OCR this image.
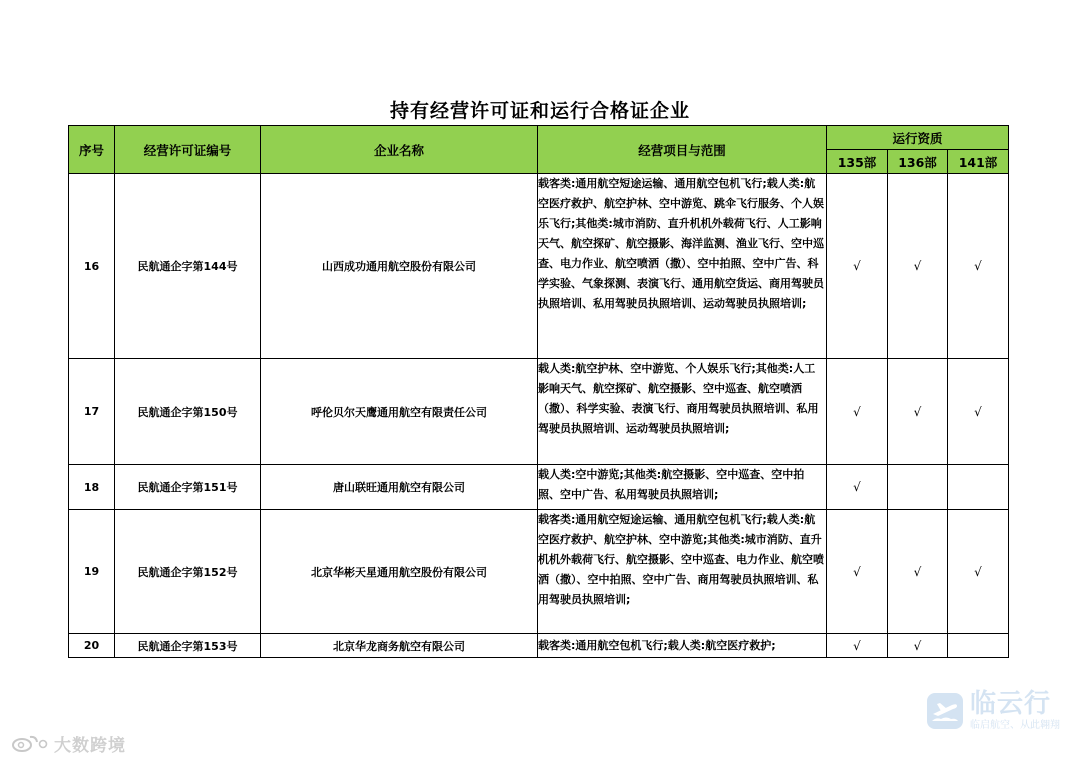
持有经营许可证和运行合格证企业
序号	经营许可证编号	企业名称	经营项目与范围	运行资质		
				135部	136部	141部
16	民航通企字第144号	山西成功通用航空股份有限公司	载客类:通用航空短途运输、通用航空包机飞行;载人类:航空医疗救护、航空护林、空中游览、跳伞飞行服务、个人娱乐飞行;其他类:城市消防、直升机机外载荷飞行、人工影响天气、航空探矿、航空摄影、海洋监测、渔业飞行、空中巡查、电力作业、航空喷洒（撒）、空中拍照、空中广告、科学实验、气象探测、表演飞行、通用航空货运、商用驾驶员执照培训、私用驾驶员执照培训、运动驾驶员执照培训;	√	√	√
17	民航通企字第150号	呼伦贝尔天鹰通用航空有限责任公司	载人类:航空护林、空中游览、个人娱乐飞行;其他类:人工影响天气、航空探矿、航空摄影、空中巡查、航空喷洒（撒）、科学实验、表演飞行、商用驾驶员执照培训、私用驾驶员执照培训、运动驾驶员执照培训;	√	√	√
18	民航通企字第151号	唐山联旺通用航空有限公司	载人类:空中游览;其他类:航空摄影、空中巡查、空中拍照、空中广告、私用驾驶员执照培训;	√		
19	民航通企字第152号	北京华彬天星通用航空股份有限公司	载客类:通用航空短途运输、通用航空包机飞行;载人类:航空医疗救护、航空护林、空中游览;其他类:城市消防、直升机机外载荷飞行、航空摄影、空中巡查、电力作业、航空喷洒（撒）、空中拍照、空中广告、商用驾驶员执照培训、私用驾驶员执照培训;	√	√	√
20	民航通企字第153号	北京华龙商务航空有限公司	载客类:通用航空包机飞行;载人类:航空医疗救护;	√	√	
大数跨境
临云行
临启航空、从此翱翔
